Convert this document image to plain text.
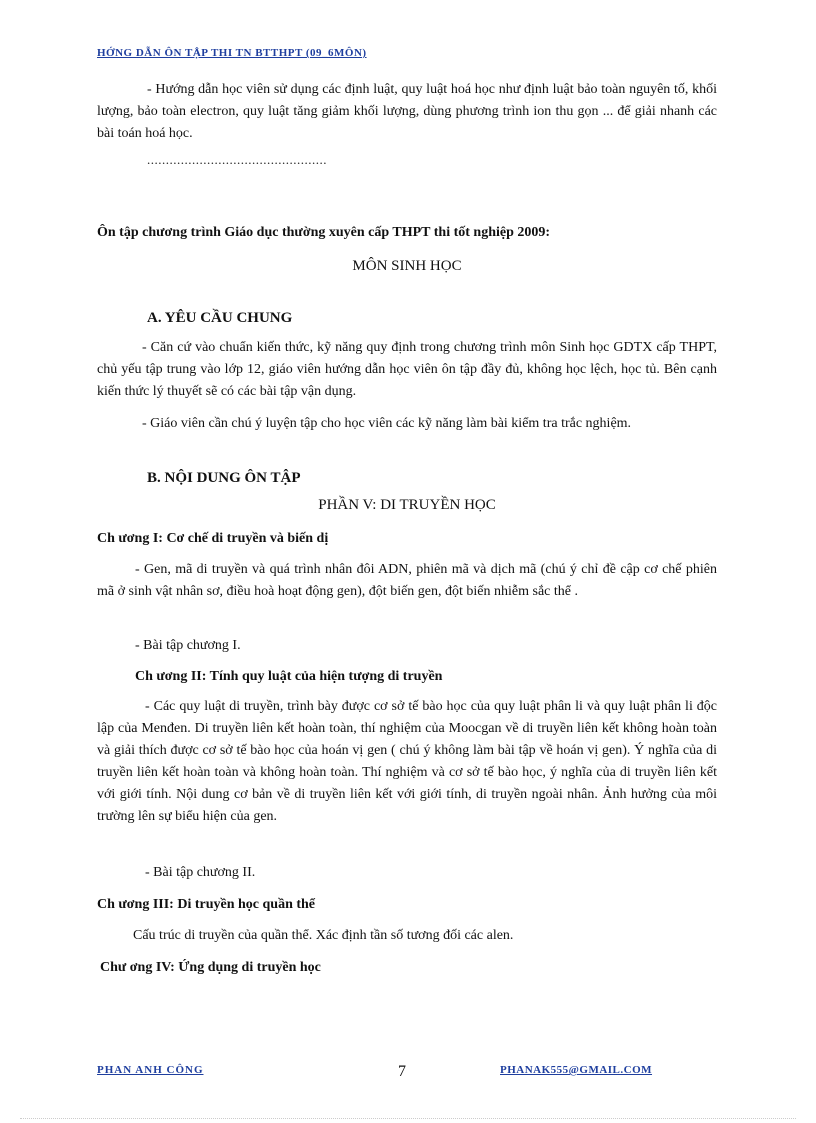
HỚNG DẪN ÔN TẬP THI TN BTTHPT (09_6MÔN)
- Hướng dẫn học viên sử dụng các định luật, quy luật hoá học như định luật bảo toàn nguyên tố, khối lượng, bảo toàn electron, quy luật tăng giảm khối lượng, dùng phương trình ion thu gọn ... để giải nhanh các bài toán hoá học.
................................................
Ôn tập chương trình Giáo dục thường xuyên cấp THPT thi tốt nghiệp 2009:
MÔN SINH HỌC
A. YÊU CẦU CHUNG
- Căn cứ vào chuẩn kiến thức, kỹ năng quy định trong chương trình môn Sinh học GDTX cấp THPT, chủ yếu tập trung vào lớp 12, giáo viên hướng dẫn học viên ôn tập đầy đủ, không học lệch, học tủ. Bên cạnh kiến thức lý thuyết sẽ có các bài tập vận dụng.
- Giáo viên cần chú ý luyện tập cho học viên các kỹ năng làm bài kiểm tra trắc nghiệm.
B. NỘI DUNG ÔN TẬP
PHẦN V: DI TRUYỀN HỌC
Ch ương I: Cơ chế di truyền và biến dị
- Gen, mã di truyền và quá trình nhân đôi ADN, phiên mã và dịch mã (chú ý chỉ đề cập cơ chế phiên mã ở sinh vật nhân sơ, điều hoà hoạt động gen), đột biến gen, đột biến nhiễm sắc thể .
- Bài tập chương I.
Ch ương II: Tính quy luật của hiện tượng di truyền
- Các quy luật di truyền, trình bày được cơ sở tế bào học của quy luật phân li và quy luật phân li độc lập của Menđen. Di truyền liên kết hoàn toàn, thí nghiệm của Moocgan về di truyền liên kết không hoàn toàn và giải thích được cơ sở tế bào học của hoán vị gen ( chú ý không làm bài tập về hoán vị gen). Ý nghĩa của di truyền liên kết hoàn toàn và không hoàn toàn. Thí nghiệm và cơ sở tế bào học, ý nghĩa của di truyền liên kết với giới tính. Nội dung cơ bản về di truyền liên kết với giới tính, di truyền ngoài nhân. Ảnh hưởng của môi trường lên sự biểu hiện của gen.
- Bài tập chương II.
Ch ương III: Di truyền học quần thể
Cấu trúc di truyền của quần thể. Xác định tần số tương đối các alen.
Chư ơng IV: Ứng dụng di truyền học
PHAN ANH CÔNG	7	PHANAK555@GMAIL.COM
